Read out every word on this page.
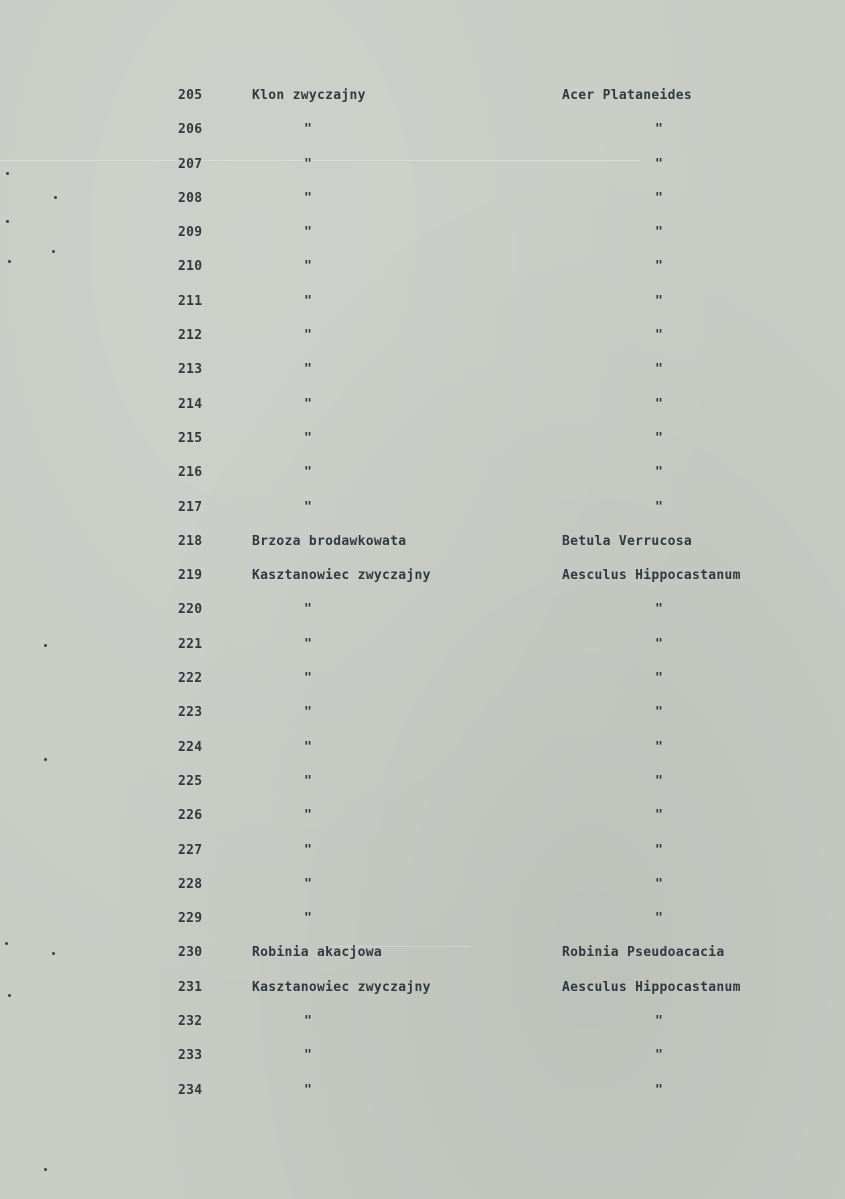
205	Klon zwyczajny	Acer Plataneides
206	"	"
207	"	"
208	"	"
209	"	"
210	"	"
211	"	"
212	"	"
213	"	"
214	"	"
215	"	"
216	"	"
217	"	"
218	Brzoza brodawkowata	Betula Verrucosa
219	Kasztanowiec zwyczajny	Aesculus Hippocastanum
220	"	"
221	"	"
222	"	"
223	"	"
224	"	"
225	"	"
226	"	"
227	"	"
228	"	"
229	"	"
230	Robinia akacjowa	Robinia Pseudoacacia
231	Kasztanowiec zwyczajny	Aesculus Hippocastanum
232	"	"
233	"	"
234	"	"
